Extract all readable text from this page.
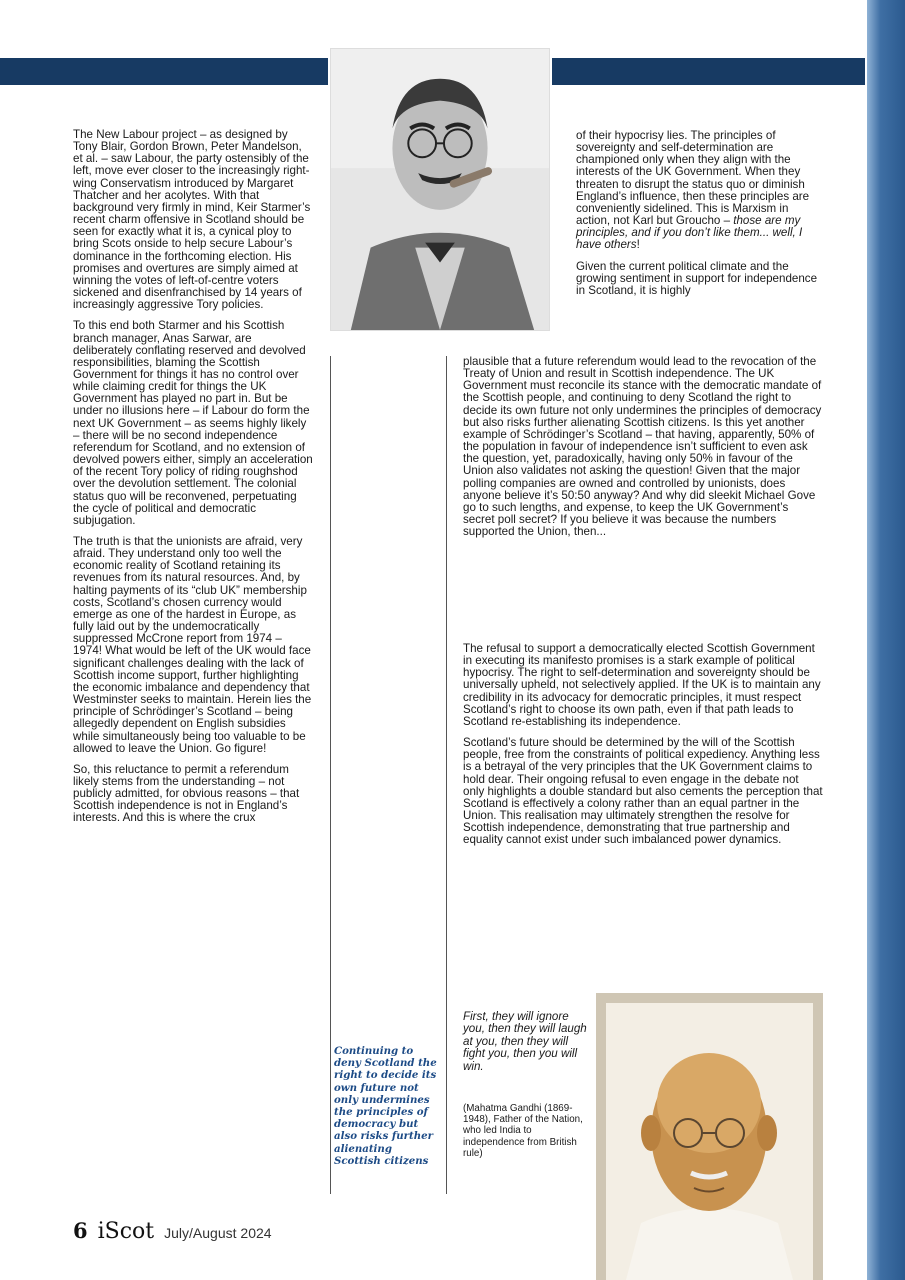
The New Labour project – as designed by Tony Blair, Gordon Brown, Peter Mandelson, et al. – saw Labour, the party ostensibly of the left, move ever closer to the increasingly right-wing Conservatism introduced by Margaret Thatcher and her acolytes. With that background very firmly in mind, Keir Starmer’s recent charm offensive in Scotland should be seen for exactly what it is, a cynical ploy to bring Scots onside to help secure Labour’s dominance in the forthcoming election. His promises and overtures are simply aimed at winning the votes of left-of-centre voters sickened and disenfranchised by 14 years of increasingly aggressive Tory policies.

To this end both Starmer and his Scottish branch manager, Anas Sarwar, are deliberately conflating reserved and devolved responsibilities, blaming the Scottish Government for things it has no control over while claiming credit for things the UK Government has played no part in. But be under no illusions here – if Labour do form the next UK Government – as seems highly likely – there will be no second independence referendum for Scotland, and no extension of devolved powers either, simply an acceleration of the recent Tory policy of riding roughshod over the devolution settlement. The colonial status quo will be reconvened, perpetuating the cycle of political and democratic subjugation.

The truth is that the unionists are afraid, very afraid. They understand only too well the economic reality of Scotland retaining its revenues from its natural resources. And, by halting payments of its “club UK” membership costs, Scotland’s chosen currency would emerge as one of the hardest in Europe, as fully laid out by the undemocratically suppressed McCrone report from 1974 – 1974! What would be left of the UK would face significant challenges dealing with the lack of Scottish income support, further highlighting the economic imbalance and dependency that Westminster seeks to maintain. Herein lies the principle of Schrödinger’s Scotland – being allegedly dependent on English subsidies while simultaneously being too valuable to be allowed to leave the Union. Go figure!

So, this reluctance to permit a referendum likely stems from the understanding – not publicly admitted, for obvious reasons – that Scottish independence is not in England’s interests. And this is where the crux

of their hypocrisy lies. The principles of sovereignty and self-determination are championed only when they align with the interests of the UK Government. When they threaten to disrupt the status quo or diminish England’s influence, then these principles are conveniently sidelined. This is Marxism in action, not Karl but Groucho – those are my principles, and if you don’t like them... well, I have others!

Given the current political climate and the growing sentiment in support for independence in Scotland, it is highly

plausible that a future referendum would lead to the revocation of the Treaty of Union and result in Scottish independence. The UK Government must reconcile its stance with the democratic mandate of the Scottish people, and continuing to deny Scotland the right to decide its own future not only undermines the principles of democracy but also risks further alienating Scottish citizens. Is this yet another example of Schrödinger’s Scotland – that having, apparently, 50% of the population in favour of independence isn’t sufficient to even ask the question, yet, paradoxically, having only 50% in favour of the Union also validates not asking the question! Given that the major polling companies are owned and controlled by unionists, does anyone believe it’s 50:50 anyway? And why did sleekit Michael Gove go to such lengths, and expense, to keep the UK Government’s secret poll secret? If you believe it was because the numbers supported the Union, then...

The refusal to support a democratically elected Scottish Government in executing its manifesto promises is a stark example of political hypocrisy. The right to self-determination and sovereignty should be universally upheld, not selectively applied. If the UK is to maintain any credibility in its advocacy for democratic principles, it must respect Scotland’s right to choose its own path, even if that path leads to Scotland re-establishing its independence.

Scotland’s future should be determined by the will of the Scottish people, free from the constraints of political expediency. Anything less is a betrayal of the very principles that the UK Government claims to hold dear. Their ongoing refusal to even engage in the debate not only highlights a double standard but also cements the perception that Scotland is effectively a colony rather than an equal partner in the Union. This realisation may ultimately strengthen the resolve for Scottish independence, demonstrating that true partnership and equality cannot exist under such imbalanced power dynamics.

Continuing to deny Scotland the right to decide its own future not only undermines the principles of democracy but also risks further alienating Scottish citizens
First, they will ignore you, then they will laugh at you, then they will fight you, then you will win.
(Mahatma Gandhi (1869-1948), Father of the Nation, who led India to independence from British rule)
6 iScot July/August 2024
